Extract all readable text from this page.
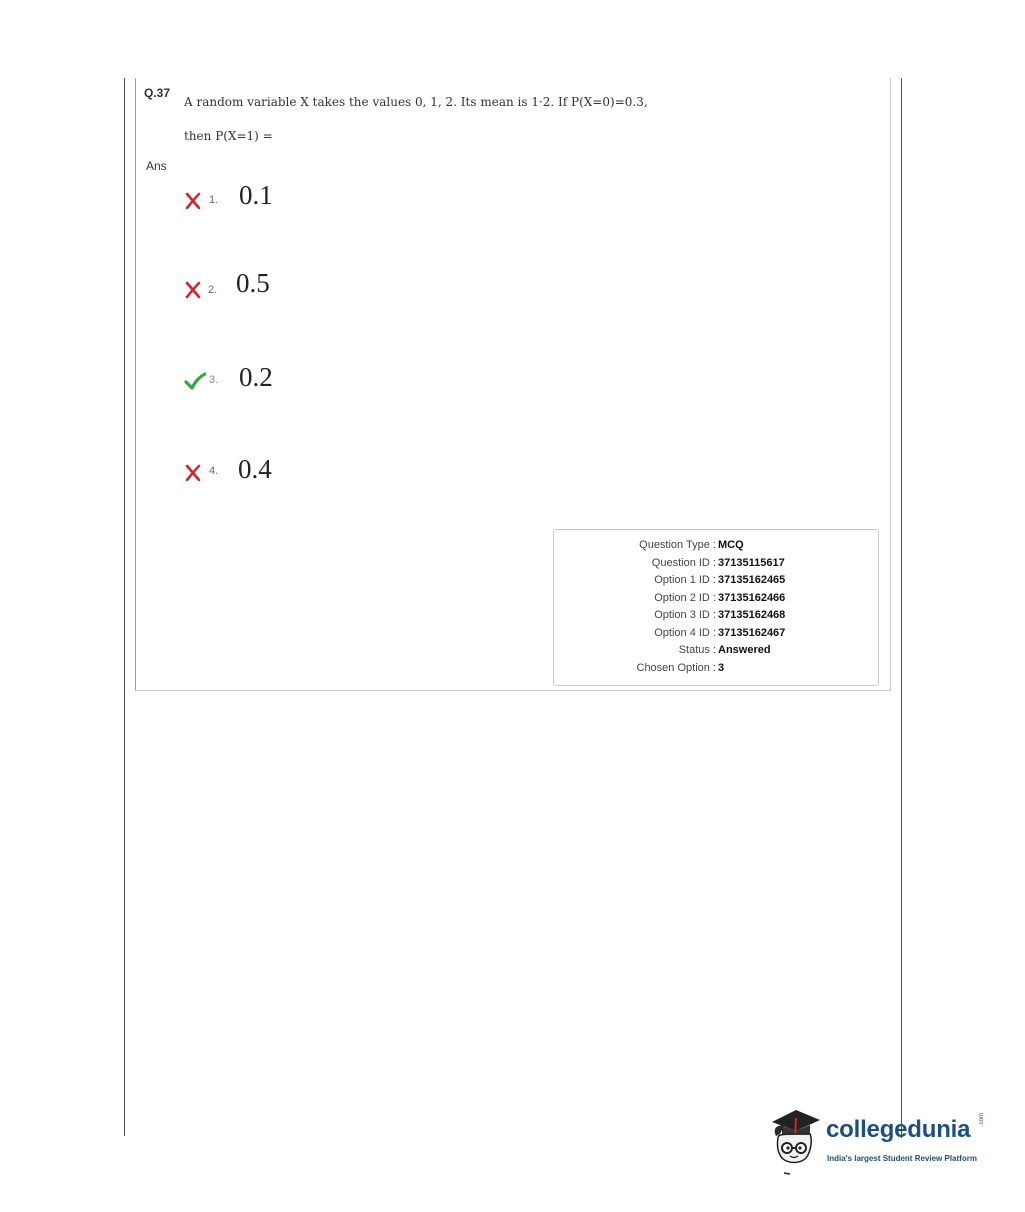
Q.37
A random variable X takes the values 0, 1, 2. Its mean is 1·2. If P(X=0)=0.3,
then P(X=1) =
Ans
1. 0.1
2. 0.5
3. 0.2
4. 0.4
Question Type : MCQ
Question ID : 37135115617
Option 1 ID : 37135162465
Option 2 ID : 37135162466
Option 3 ID : 37135162468
Option 4 ID : 37135162467
Status : Answered
Chosen Option : 3
collegedunia .com
India's largest Student Review Platform
